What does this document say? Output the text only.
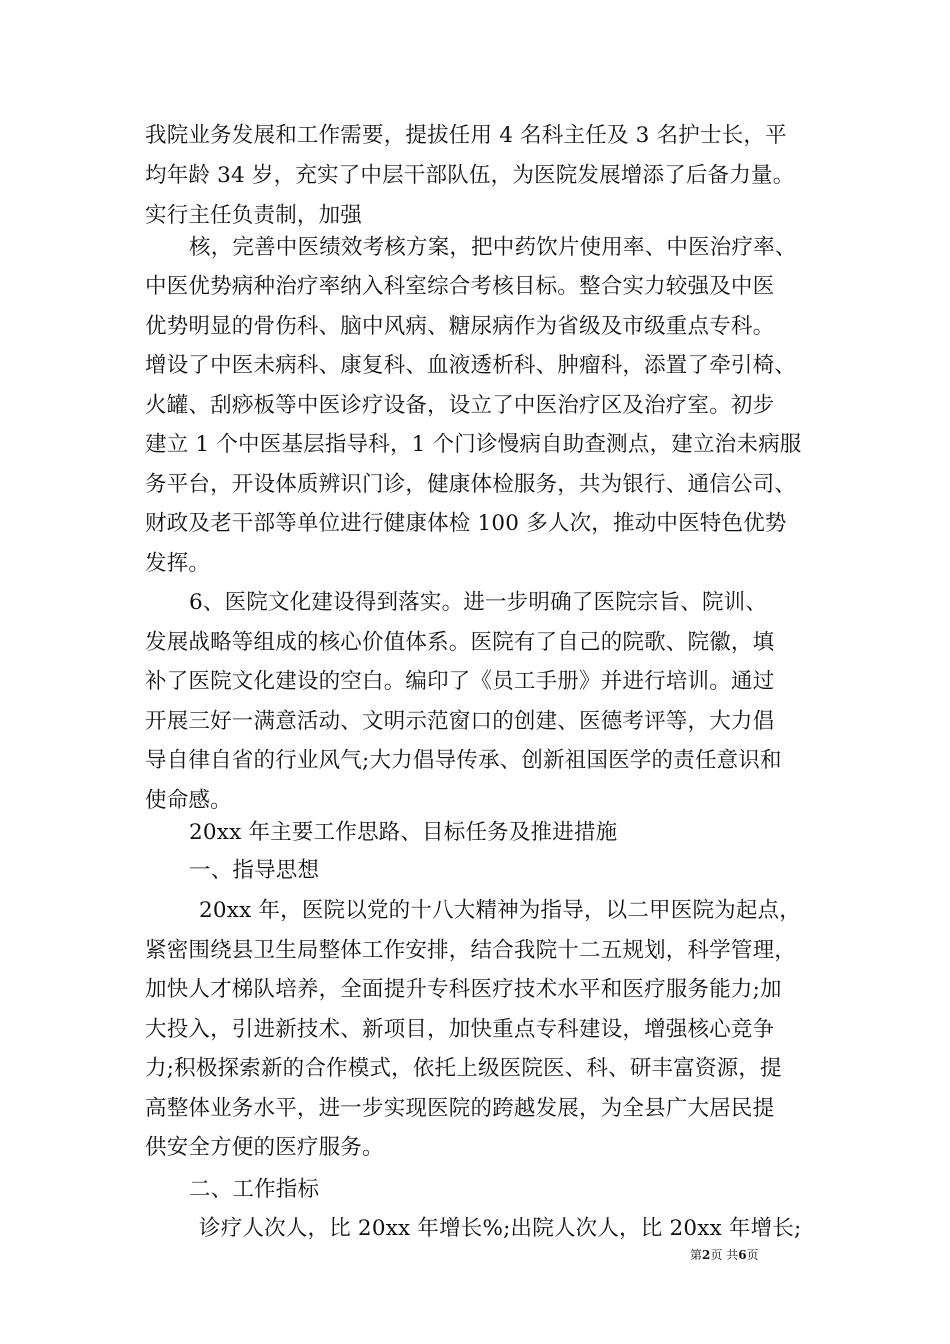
我院业务发展和工作需要，提拔任用 4 名科主任及 3 名护士长，平
均年龄 34 岁，充实了中层干部队伍，为医院发展增添了后备力量。
实行主任负责制，加强
核，完善中医绩效考核方案，把中药饮片使用率、中医治疗率、
中医优势病种治疗率纳入科室综合考核目标。整合实力较强及中医
优势明显的骨伤科、脑中风病、糖尿病作为省级及市级重点专科。
增设了中医未病科、康复科、血液透析科、肿瘤科，添置了牵引椅、
火罐、刮痧板等中医诊疗设备，设立了中医治疗区及治疗室。初步
建立 1 个中医基层指导科，1 个门诊慢病自助查测点，建立治未病服
务平台，开设体质辨识门诊，健康体检服务，共为银行、通信公司、
财政及老干部等单位进行健康体检 100 多人次，推动中医特色优势
发挥。
6、医院文化建设得到落实。进一步明确了医院宗旨、院训、
发展战略等组成的核心价值体系。医院有了自己的院歌、院徽，填
补了医院文化建设的空白。编印了《员工手册》并进行培训。通过
开展三好一满意活动、文明示范窗口的创建、医德考评等，大力倡
导自律自省的行业风气;大力倡导传承、创新祖国医学的责任意识和
使命感。
20xx 年主要工作思路、目标任务及推进措施
一、指导思想
20xx 年，医院以党的十八大精神为指导，以二甲医院为起点，
紧密围绕县卫生局整体工作安排，结合我院十二五规划，科学管理，
加快人才梯队培养，全面提升专科医疗技术水平和医疗服务能力;加
大投入，引进新技术、新项目，加快重点专科建设，增强核心竞争
力;积极探索新的合作模式，依托上级医院医、科、研丰富资源，提
高整体业务水平，进一步实现医院的跨越发展，为全县广大居民提
供安全方便的医疗服务。
二、工作指标
诊疗人次人，比 20xx 年增长%;出院人次人，比 20xx 年增长;
第2页 共6页
